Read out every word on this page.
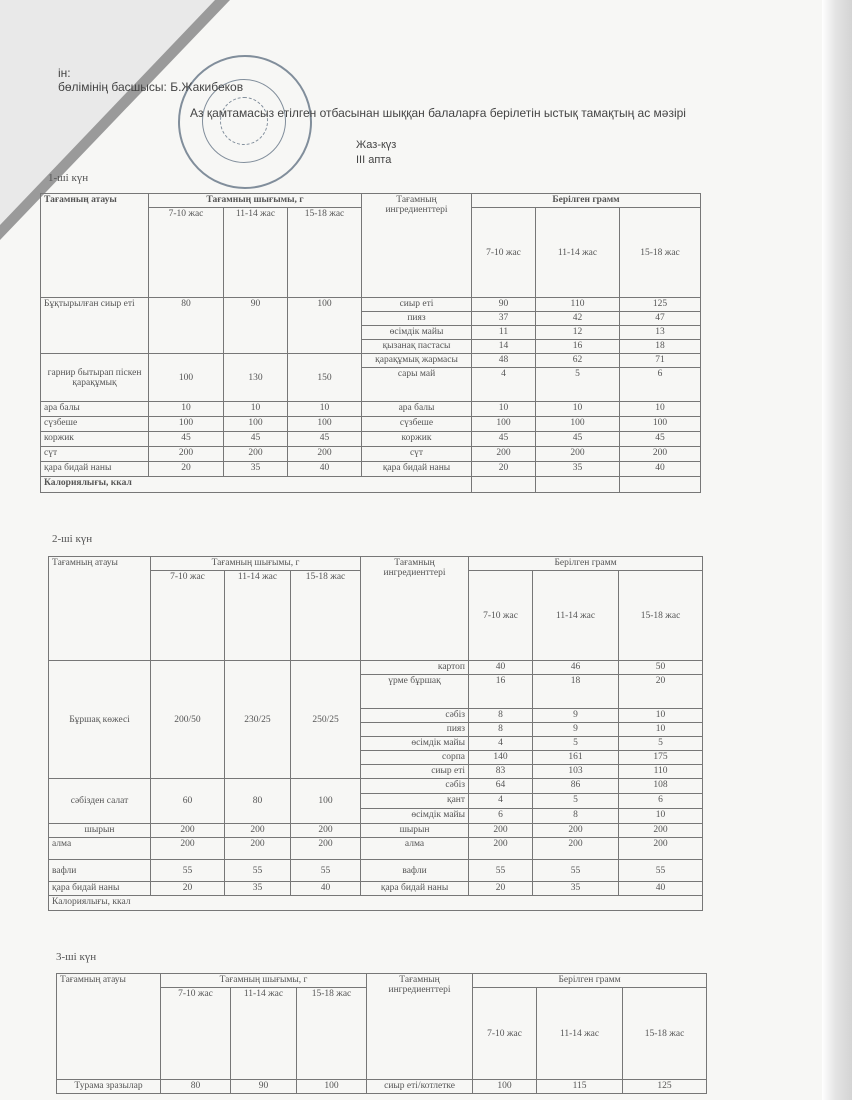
ін:
бөлімінің басшысы: Б.Жакибеков
Аз қамтамасыз етілген отбасынан шыққан балаларға берілетін ыстық тамақтың ас мәзірі
Жаз-күз
III апта
1-ші күн
Тағамның атауы	Тағамның шығымы, г			Тағамның ингредиенттері	Берілген грамм		
	7-10 жас	11-14 жас	15-18 жас		7-10 жас	11-14 жас	15-18 жас
Бұқтырылған сиыр еті	80	90	100	сиыр еті	90	110	125
				пияз	37	42	47
				өсімдік майы	11	12	13
				қызанақ пастасы	14	16	18
гарнир бытырап піскен қарақұмық	100	130	150	қарақұмық жармасы	48	62	71
				сары май	4	5	6
ара балы	10	10	10	ара балы	10	10	10
сүзбеше	100	100	100	сүзбеше	100	100	100
коржик	45	45	45	коржик	45	45	45
сүт	200	200	200	сүт	200	200	200
қара бидай наны	20	35	40	қара бидай наны	20	35	40
Калориялығы, ккал							
2-ші күн
Тағамның атауы	Тағамның шығымы, г			Тағамның ингредиенттері	Берілген грамм		
	7-10 жас	11-14 жас	15-18 жас		7-10 жас	11-14 жас	15-18 жас
Бұршақ көжесі	200/50	230/25	250/25	картоп	40	46	50
				үрме бұршақ	16	18	20
				сәбіз	8	9	10
				пияз	8	9	10
				өсімдік майы	4	5	5
				сорпа	140	161	175
				сиыр еті	83	103	110
сәбізден салат	60	80	100	сәбіз	64	86	108
				қант	4	5	6
				өсімдік майы	6	8	10
шырын	200	200	200	шырын	200	200	200
алма	200	200	200	алма	200	200	200
вафли	55	55	55	вафли	55	55	55
қара бидай наны	20	35	40	қара бидай наны	20	35	40
Калориялығы, ккал							
3-ші күн
Тағамның атауы	Тағамның шығымы, г			Тағамның ингредиенттері	Берілген грамм		
	7-10 жас	11-14 жас	15-18 жас		7-10 жас	11-14 жас	15-18 жас
Турама зразылар	80	90	100	сиыр еті/котлетке	100	115	125
